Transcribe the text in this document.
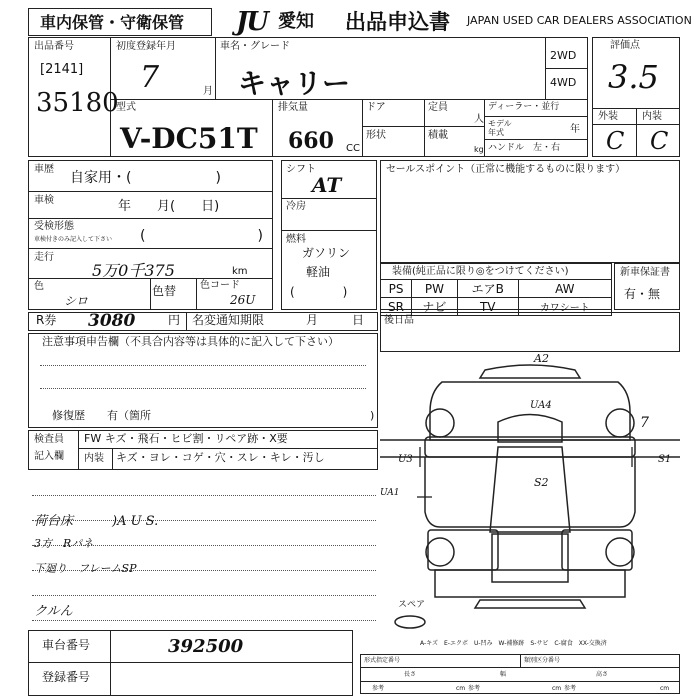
車内保管・守衛保管 JU 愛知 出品申込書 JAPAN USED CAR DEALERS ASSOCIATION
出品番号
[2141]
35180
初度登録年月
7	月
車名・グレード
キャリー
2WD
4WD
型式
V-DC51T
排気量
660 CC
ドア
形状
定員
人
積載
kg
ディーラー・並行
モデル
年式	年
ハンドル　左・右
評価点
3.5
外装 内装
C C
車歴
自家用・(　　　　　　)
車検	年　　月(　　日)
受検形態
車検付きのみ記入して下さい (　　　　　　　　)
走行
5万0千375	km
色
シロ
色替 色コード
26U
シフト
AT
冷房
燃料
ガソリン
軽油
(　　　　)
セールスポイント（正常に機能するものに限ります）
装備(純正品に限り◎をつけてください)
PS	PW	エアB	AW
SR	ナビ	TV	カワシート
新車保証書
有・無
R券 3080	円 名変通知期限	月	日 後日品
注意事項申告欄（不具合内容等は具体的に記入して下さい）
修復歴　　有（箇所	)
検査員
記入欄
FW キズ・飛石・ヒビ割・リペア跡・X要
内装 キズ・ヨレ・コゲ・穴・スレ・キレ・汚し
荷台床　　　)A U S.
3方　Rパネ
下廻り　フレームSP
クルん
車台番号	392500
登録番号
A2
UA4
7
U3	S1
S2
UA1
スペア
A-キズ　E-エクボ　U-凹み　W-補修跡　S-サビ　C-腐食　XX-交換済
形式指定番号	類別区分番号
長さ	幅	高さ
参考	参考	参考
cm	cm	cm
